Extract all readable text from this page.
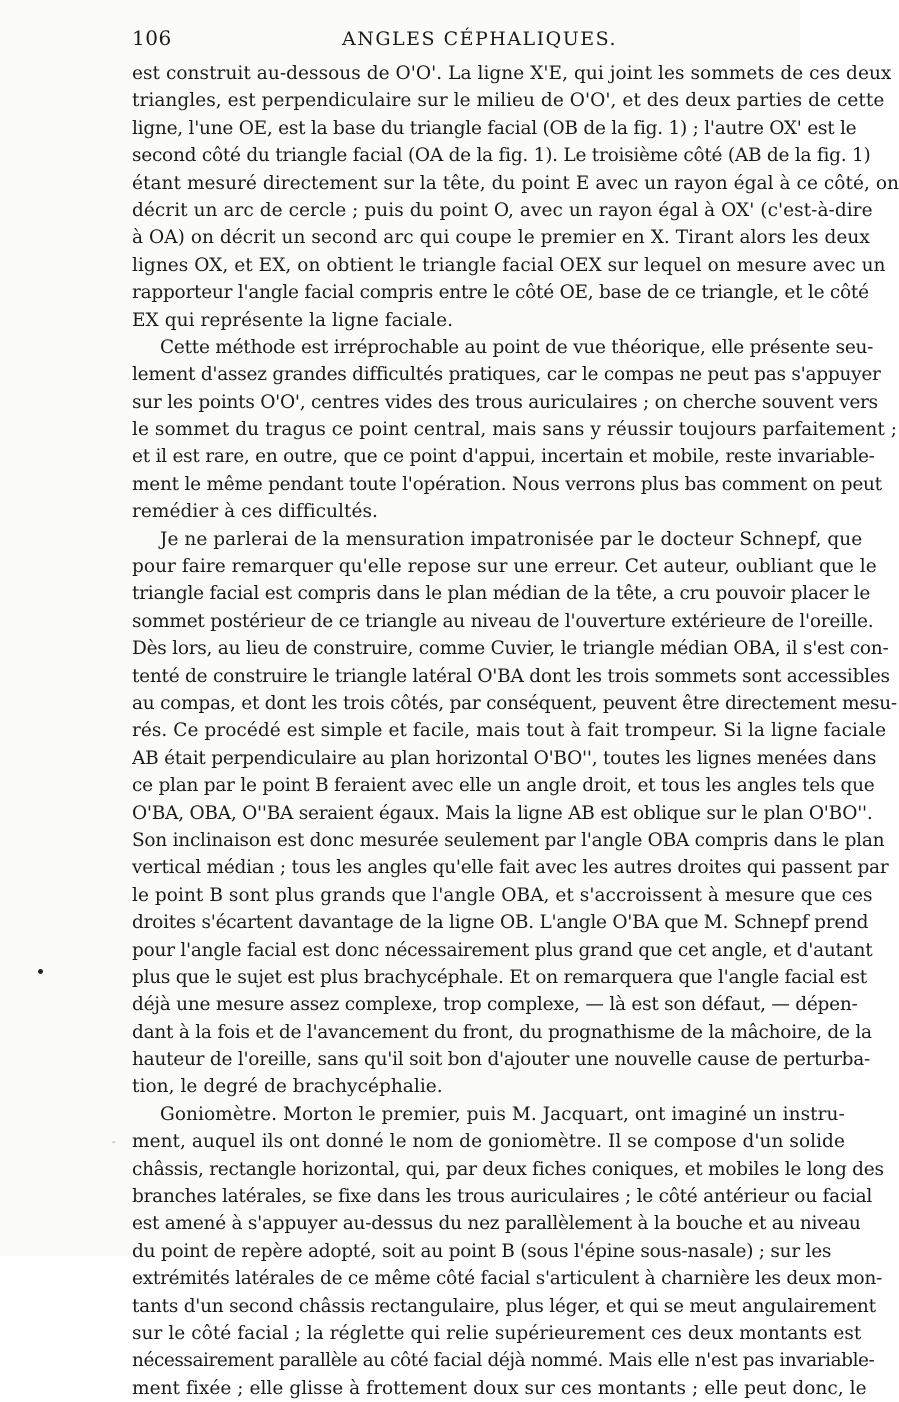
106	ANGLES CÉPHALIQUES.
-
est construit au-dessous de O'O'. La ligne X'E, qui joint les sommets de ces deux
triangles, est perpendiculaire sur le milieu de O'O', et des deux parties de cette
ligne, l'une OE, est la base du triangle facial (OB de la fig. 1) ; l'autre OX' est le
second côté du triangle facial (OA de la fig. 1). Le troisième côté (AB de la fig. 1)
étant mesuré directement sur la tête, du point E avec un rayon égal à ce côté, on
décrit un arc de cercle ; puis du point O, avec un rayon égal à OX' (c'est-à-dire
à OA) on décrit un second arc qui coupe le premier en X. Tirant alors les deux
lignes OX, et EX, on obtient le triangle facial OEX sur lequel on mesure avec un
rapporteur l'angle facial compris entre le côté OE, base de ce triangle, et le côté
EX qui représente la ligne faciale.
Cette méthode est irréprochable au point de vue théorique, elle présente seu-
lement d'assez grandes difficultés pratiques, car le compas ne peut pas s'appuyer
sur les points O'O', centres vides des trous auriculaires ; on cherche souvent vers
le sommet du tragus ce point central, mais sans y réussir toujours parfaitement ;
et il est rare, en outre, que ce point d'appui, incertain et mobile, reste invariable-
ment le même pendant toute l'opération. Nous verrons plus bas comment on peut
remédier à ces difficultés.
Je ne parlerai de la mensuration impatronisée par le docteur Schnepf, que
pour faire remarquer qu'elle repose sur une erreur. Cet auteur, oubliant que le
triangle facial est compris dans le plan médian de la tête, a cru pouvoir placer le
sommet postérieur de ce triangle au niveau de l'ouverture extérieure de l'oreille.
Dès lors, au lieu de construire, comme Cuvier, le triangle médian OBA, il s'est con-
tenté de construire le triangle latéral O'BA dont les trois sommets sont accessibles
au compas, et dont les trois côtés, par conséquent, peuvent être directement mesu-
rés. Ce procédé est simple et facile, mais tout à fait trompeur. Si la ligne faciale
AB était perpendiculaire au plan horizontal O'BO'', toutes les lignes menées dans
ce plan par le point B feraient avec elle un angle droit, et tous les angles tels que
O'BA, OBA, O''BA seraient égaux. Mais la ligne AB est oblique sur le plan O'BO''.
Son inclinaison est donc mesurée seulement par l'angle OBA compris dans le plan
vertical médian ; tous les angles qu'elle fait avec les autres droites qui passent par
le point B sont plus grands que l'angle OBA, et s'accroissent à mesure que ces
droites s'écartent davantage de la ligne OB. L'angle O'BA que M. Schnepf prend
pour l'angle facial est donc nécessairement plus grand que cet angle, et d'autant
plus que le sujet est plus brachycéphale. Et on remarquera que l'angle facial est
déjà une mesure assez complexe, trop complexe, — là est son défaut, — dépen-
dant à la fois et de l'avancement du front, du prognathisme de la mâchoire, de la
hauteur de l'oreille, sans qu'il soit bon d'ajouter une nouvelle cause de perturba-
tion, le degré de brachycéphalie.
Goniomètre. Morton le premier, puis M. Jacquart, ont imaginé un instru-
ment, auquel ils ont donné le nom de goniomètre. Il se compose d'un solide
châssis, rectangle horizontal, qui, par deux fiches coniques, et mobiles le long des
branches latérales, se fixe dans les trous auriculaires ; le côté antérieur ou facial
est amené à s'appuyer au-dessus du nez parallèlement à la bouche et au niveau
du point de repère adopté, soit au point B (sous l'épine sous-nasale) ; sur les
extrémités latérales de ce même côté facial s'articulent à charnière les deux mon-
tants d'un second châssis rectangulaire, plus léger, et qui se meut angulairement
sur le côté facial ; la réglette qui relie supérieurement ces deux montants est
nécessairement parallèle au côté facial déjà nommé. Mais elle n'est pas invariable-
ment fixée ; elle glisse à frottement doux sur ces montants ; elle peut donc, le
